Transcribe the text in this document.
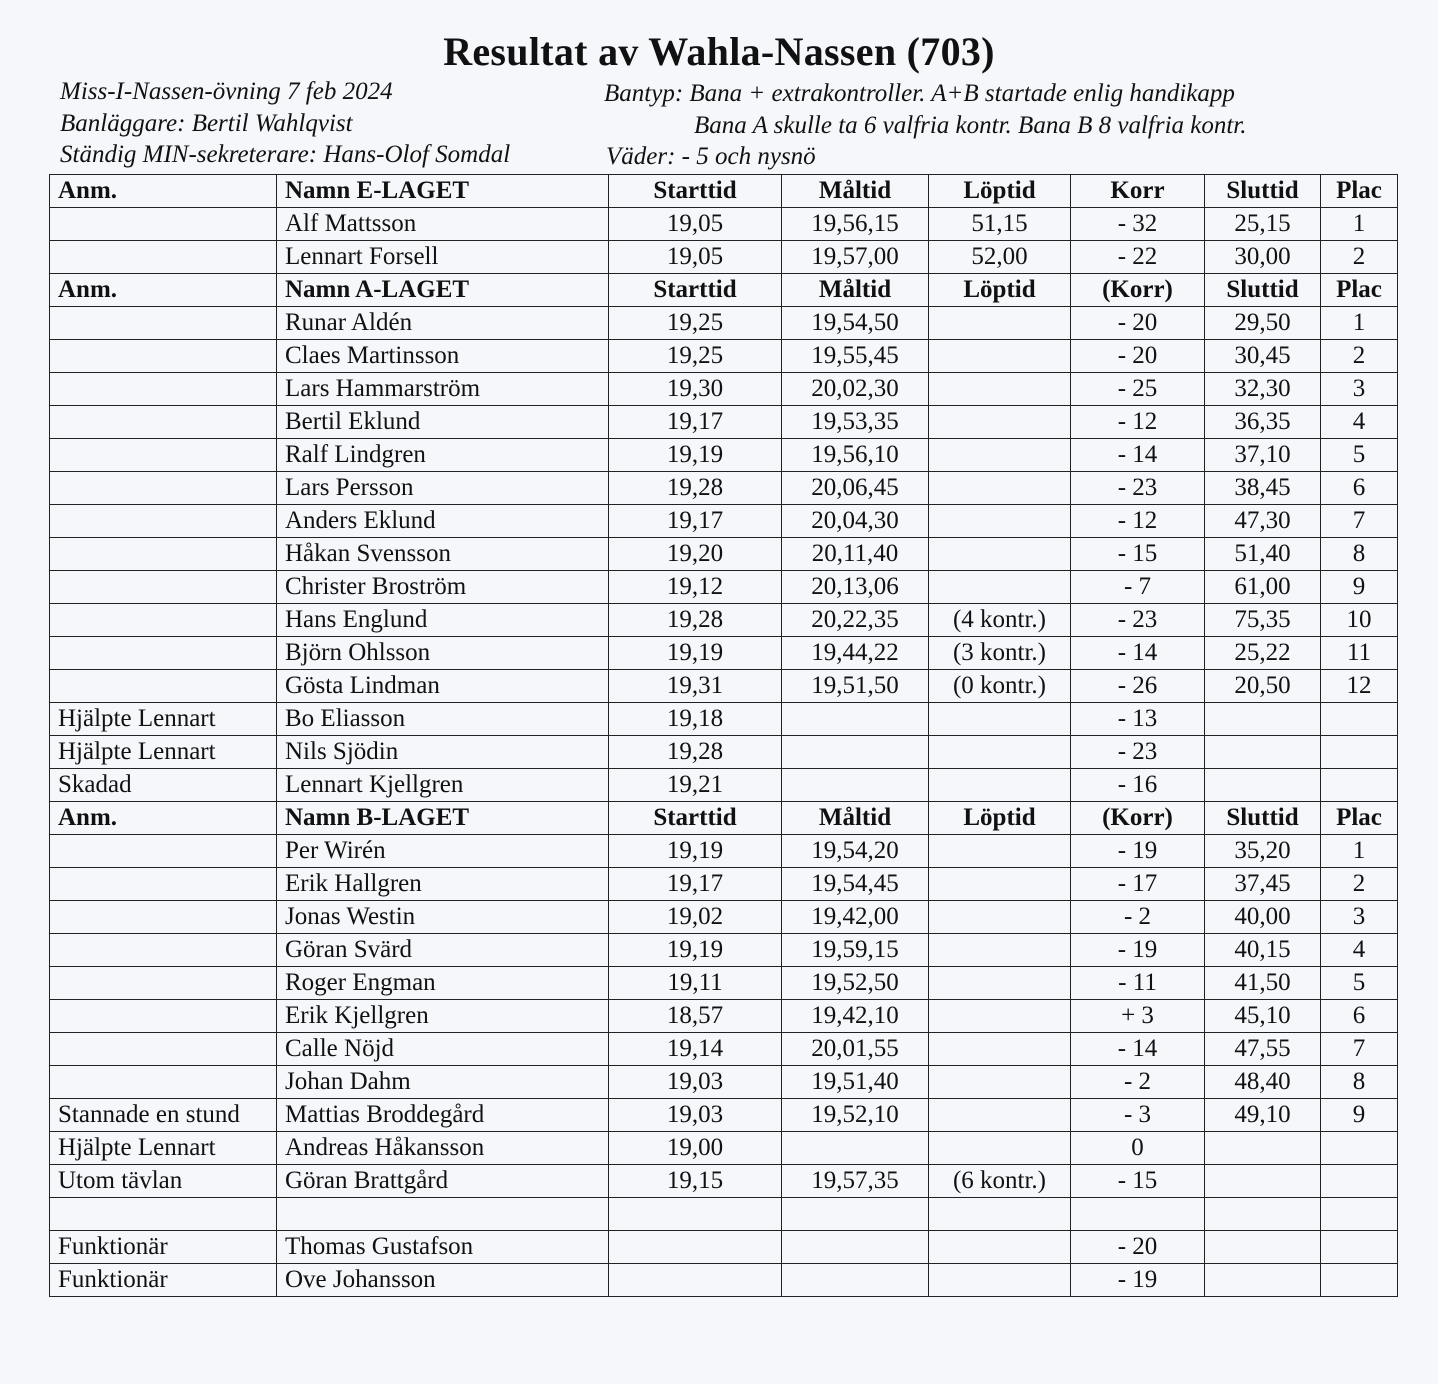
Resultat av Wahla-Nassen (703)
Miss-I-Nassen-övning 7 feb 2024
Banläggare: Bertil Wahlqvist
Ständig MIN-sekreterare: Hans-Olof Somdal
Bantyp: Bana + extrakontroller. A+B startade enlig handikapp
Bana A skulle ta 6 valfria kontr. Bana B 8 valfria kontr.
Väder: - 5 och nysnö
Anm.	Namn E-LAGET	Starttid	Måltid	Löptid	Korr	Sluttid	Plac
	Alf Mattsson	19,05	19,56,15	51,15	- 32	25,15	1
	Lennart Forsell	19,05	19,57,00	52,00	- 22	30,00	2
Anm.	Namn A-LAGET	Starttid	Måltid	Löptid	(Korr)	Sluttid	Plac
	Runar Aldén	19,25	19,54,50		- 20	29,50	1
	Claes Martinsson	19,25	19,55,45		- 20	30,45	2
	Lars Hammarström	19,30	20,02,30		- 25	32,30	3
	Bertil Eklund	19,17	19,53,35		- 12	36,35	4
	Ralf Lindgren	19,19	19,56,10		- 14	37,10	5
	Lars Persson	19,28	20,06,45		- 23	38,45	6
	Anders Eklund	19,17	20,04,30		- 12	47,30	7
	Håkan Svensson	19,20	20,11,40		- 15	51,40	8
	Christer Broström	19,12	20,13,06		- 7	61,00	9
	Hans Englund	19,28	20,22,35	(4 kontr.)	- 23	75,35	10
	Björn Ohlsson	19,19	19,44,22	(3 kontr.)	- 14	25,22	11
	Gösta Lindman	19,31	19,51,50	(0 kontr.)	- 26	20,50	12
Hjälpte Lennart	Bo Eliasson	19,18			- 13		
Hjälpte Lennart	Nils Sjödin	19,28			- 23		
Skadad	Lennart Kjellgren	19,21			- 16		
Anm.	Namn B-LAGET	Starttid	Måltid	Löptid	(Korr)	Sluttid	Plac
	Per Wirén	19,19	19,54,20		- 19	35,20	1
	Erik Hallgren	19,17	19,54,45		- 17	37,45	2
	Jonas Westin	19,02	19,42,00		- 2	40,00	3
	Göran Svärd	19,19	19,59,15		- 19	40,15	4
	Roger Engman	19,11	19,52,50		- 11	41,50	5
	Erik Kjellgren	18,57	19,42,10		+ 3	45,10	6
	Calle Nöjd	19,14	20,01,55		- 14	47,55	7
	Johan Dahm	19,03	19,51,40		- 2	48,40	8
Stannade en stund	Mattias Broddegård	19,03	19,52,10		- 3	49,10	9
Hjälpte Lennart	Andreas Håkansson	19,00			0		
Utom tävlan	Göran Brattgård	19,15	19,57,35	(6 kontr.)	- 15		

Funktionär	Thomas Gustafson				- 20		
Funktionär	Ove Johansson				- 19		
